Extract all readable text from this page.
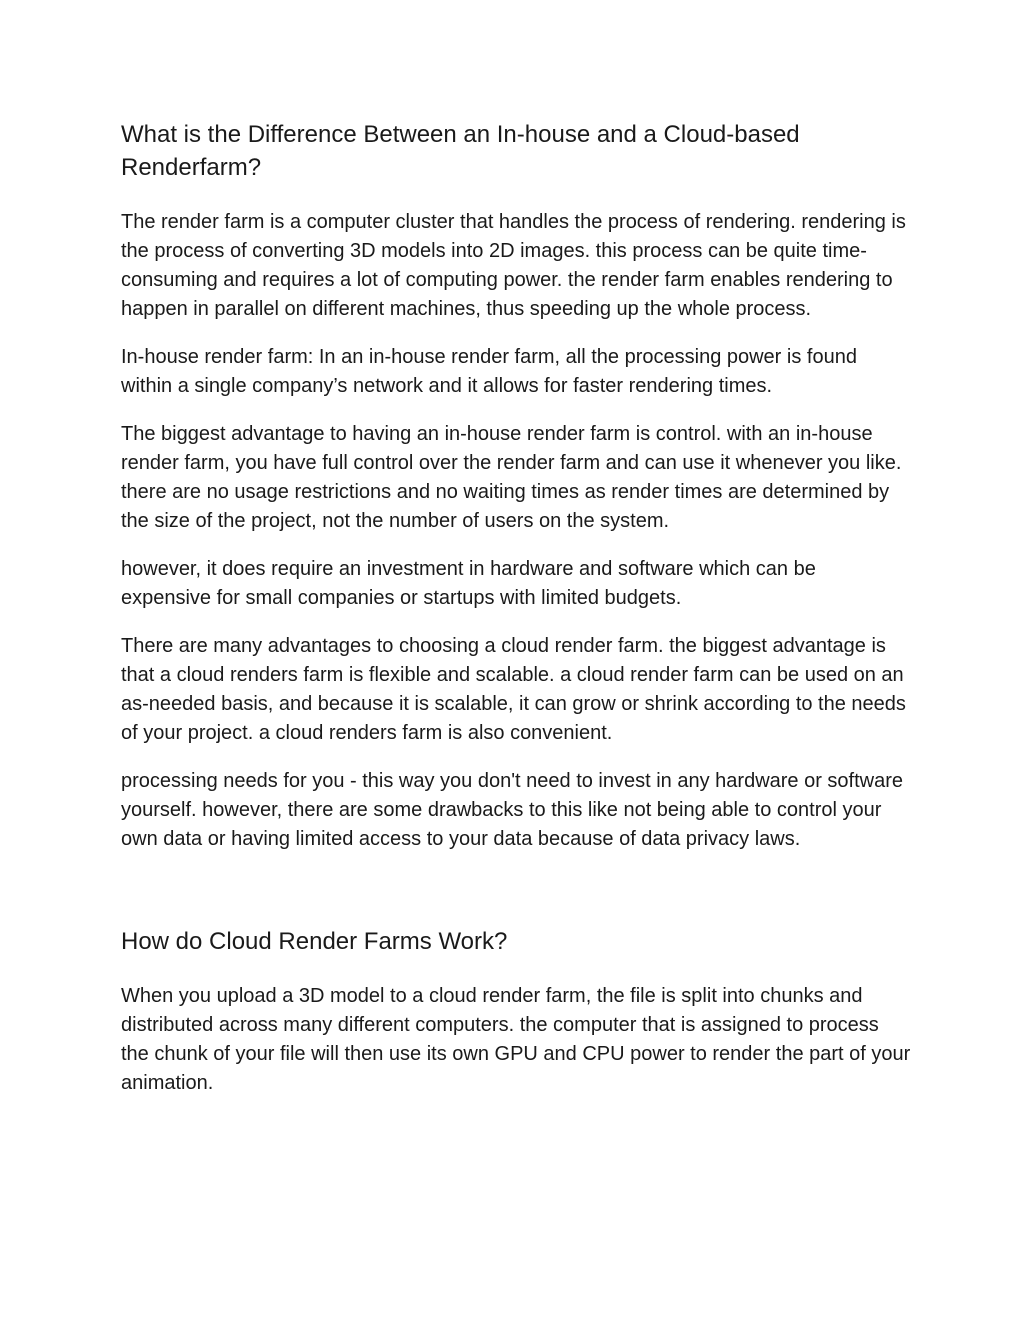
What is the Difference Between an In-house and a Cloud-based Renderfarm?

The render farm is a computer cluster that handles the process of rendering. rendering is the process of converting 3D models into 2D images. this process can be quite time-consuming and requires a lot of computing power. the render farm enables rendering to happen in parallel on different machines, thus speeding up the whole process.

In-house render farm: In an in-house render farm, all the processing power is found within a single company’s network and it allows for faster rendering times.

The biggest advantage to having an in-house render farm is control. with an in-house render farm, you have full control over the render farm and can use it whenever you like. there are no usage restrictions and no waiting times as render times are determined by the size of the project, not the number of users on the system.

however, it does require an investment in hardware and software which can be expensive for small companies or startups with limited budgets.

There are many advantages to choosing a cloud render farm. the biggest advantage is that a cloud renders farm is flexible and scalable. a cloud render farm can be used on an as-needed basis, and because it is scalable, it can grow or shrink according to the needs of your project. a cloud renders farm is also convenient.

processing needs for you - this way you don't need to invest in any hardware or software yourself. however, there are some drawbacks to this like not being able to control your own data or having limited access to your data because of data privacy laws.

How do Cloud Render Farms Work?

When you upload a 3D model to a cloud render farm, the file is split into chunks and distributed across many different computers. the computer that is assigned to process the chunk of your file will then use its own GPU and CPU power to render the part of your animation.
